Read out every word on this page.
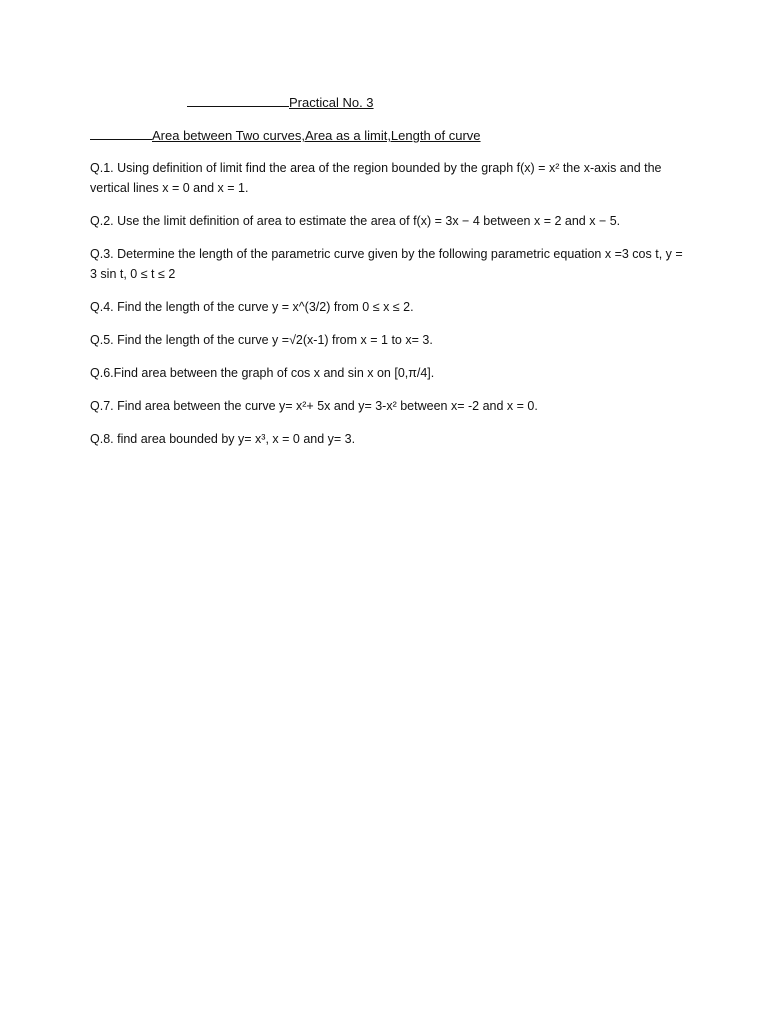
Practical No. 3
Area between Two curves,Area as a limit,Length of curve
Q.1. Using definition of limit find the area of the region bounded by the graph f(x) = x² the x-axis and the vertical lines x = 0 and x = 1.
Q.2. Use the limit definition of area to estimate the area of f(x) = 3x − 4 between x = 2 and x − 5.
Q.3. Determine the length of the parametric curve given by the following parametric equation x =3 cos t, y = 3 sin t, 0 ≤ t ≤ 2
Q.4. Find the length of the curve y = x^(3/2) from 0 ≤ x ≤ 2.
Q.5. Find the length of the curve y =√2(x-1) from x = 1 to x= 3.
Q.6.Find area between the graph of cos x and sin x on [0,π/4].
Q.7. Find area between the curve y= x²+ 5x and y= 3-x² between x= -2 and x = 0.
Q.8. find area bounded by y= x³, x = 0 and y= 3.
